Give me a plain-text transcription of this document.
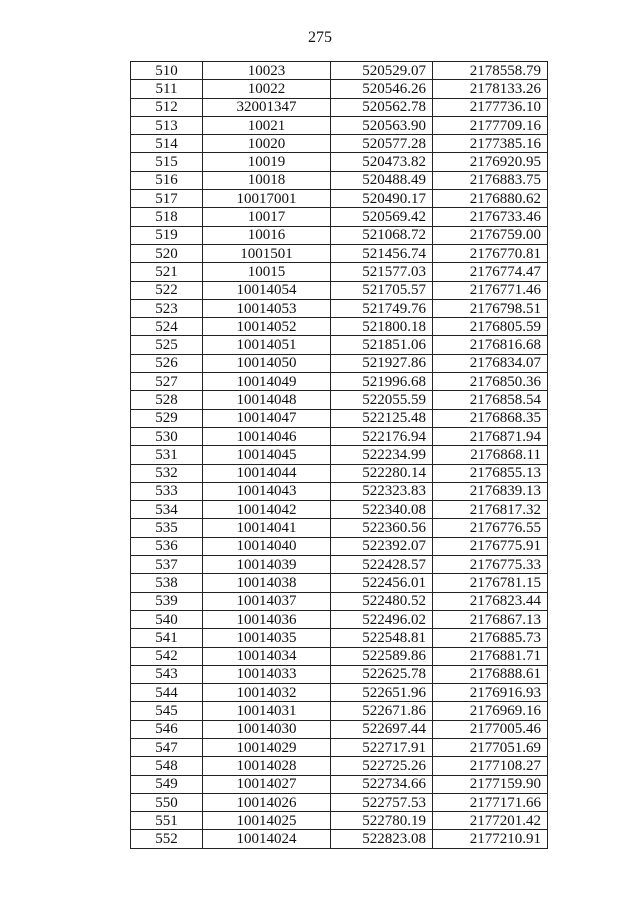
275
510	10023	520529.07	2178558.79
511	10022	520546.26	2178133.26
512	32001347	520562.78	2177736.10
513	10021	520563.90	2177709.16
514	10020	520577.28	2177385.16
515	10019	520473.82	2176920.95
516	10018	520488.49	2176883.75
517	10017001	520490.17	2176880.62
518	10017	520569.42	2176733.46
519	10016	521068.72	2176759.00
520	1001501	521456.74	2176770.81
521	10015	521577.03	2176774.47
522	10014054	521705.57	2176771.46
523	10014053	521749.76	2176798.51
524	10014052	521800.18	2176805.59
525	10014051	521851.06	2176816.68
526	10014050	521927.86	2176834.07
527	10014049	521996.68	2176850.36
528	10014048	522055.59	2176858.54
529	10014047	522125.48	2176868.35
530	10014046	522176.94	2176871.94
531	10014045	522234.99	2176868.11
532	10014044	522280.14	2176855.13
533	10014043	522323.83	2176839.13
534	10014042	522340.08	2176817.32
535	10014041	522360.56	2176776.55
536	10014040	522392.07	2176775.91
537	10014039	522428.57	2176775.33
538	10014038	522456.01	2176781.15
539	10014037	522480.52	2176823.44
540	10014036	522496.02	2176867.13
541	10014035	522548.81	2176885.73
542	10014034	522589.86	2176881.71
543	10014033	522625.78	2176888.61
544	10014032	522651.96	2176916.93
545	10014031	522671.86	2176969.16
546	10014030	522697.44	2177005.46
547	10014029	522717.91	2177051.69
548	10014028	522725.26	2177108.27
549	10014027	522734.66	2177159.90
550	10014026	522757.53	2177171.66
551	10014025	522780.19	2177201.42
552	10014024	522823.08	2177210.91
